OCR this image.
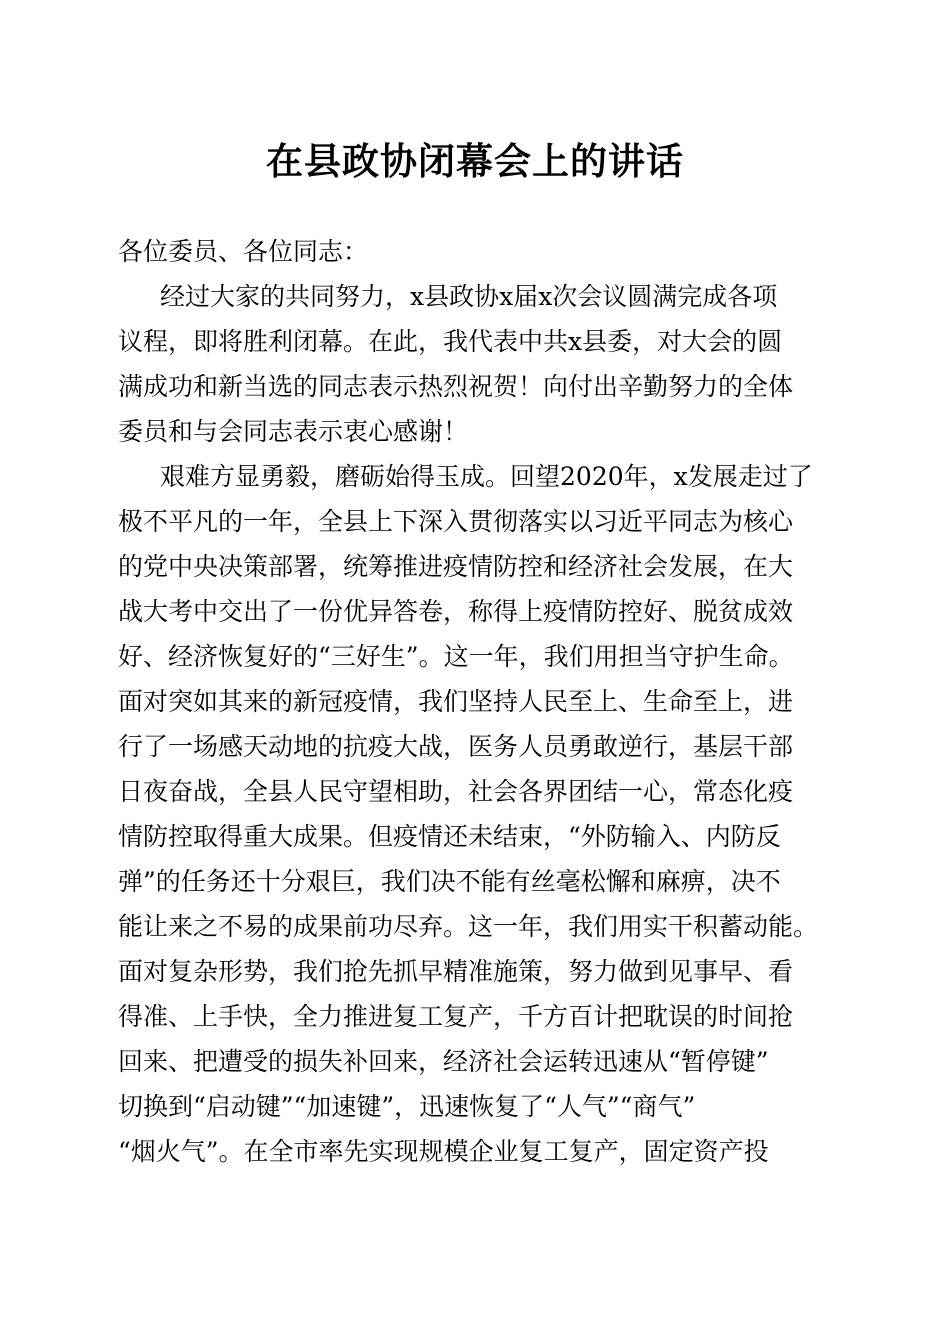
在县政协闭幕会上的讲话

各位委员、各位同志：

经过大家的共同努力，x县政协x届x次会议圆满完成各项

议程，即将胜利闭幕。在此，我代表中共x县委，对大会的圆

满成功和新当选的同志表示热烈祝贺！向付出辛勤努力的全体

委员和与会同志表示衷心感谢！

艰难方显勇毅，磨砺始得玉成。回望2020年，x发展走过了

极不平凡的一年，全县上下深入贯彻落实以习近平同志为核心

的党中央决策部署，统筹推进疫情防控和经济社会发展，在大

战大考中交出了一份优异答卷，称得上疫情防控好、脱贫成效

好、经济恢复好的“三好生”。这一年，我们用担当守护生命。

面对突如其来的新冠疫情，我们坚持人民至上、生命至上，进

行了一场感天动地的抗疫大战，医务人员勇敢逆行，基层干部

日夜奋战，全县人民守望相助，社会各界团结一心，常态化疫

情防控取得重大成果。但疫情还未结束，“外防输入、内防反

弹”的任务还十分艰巨，我们决不能有丝毫松懈和麻痹，决不

能让来之不易的成果前功尽弃。这一年，我们用实干积蓄动能。

面对复杂形势，我们抢先抓早精准施策，努力做到见事早、看

得准、上手快，全力推进复工复产，千方百计把耽误的时间抢

回来、把遭受的损失补回来，经济社会运转迅速从“暂停键”

切换到“启动键”“加速键”，迅速恢复了“人气”“商气”

“烟火气”。在全市率先实现规模企业复工复产，固定资产投
